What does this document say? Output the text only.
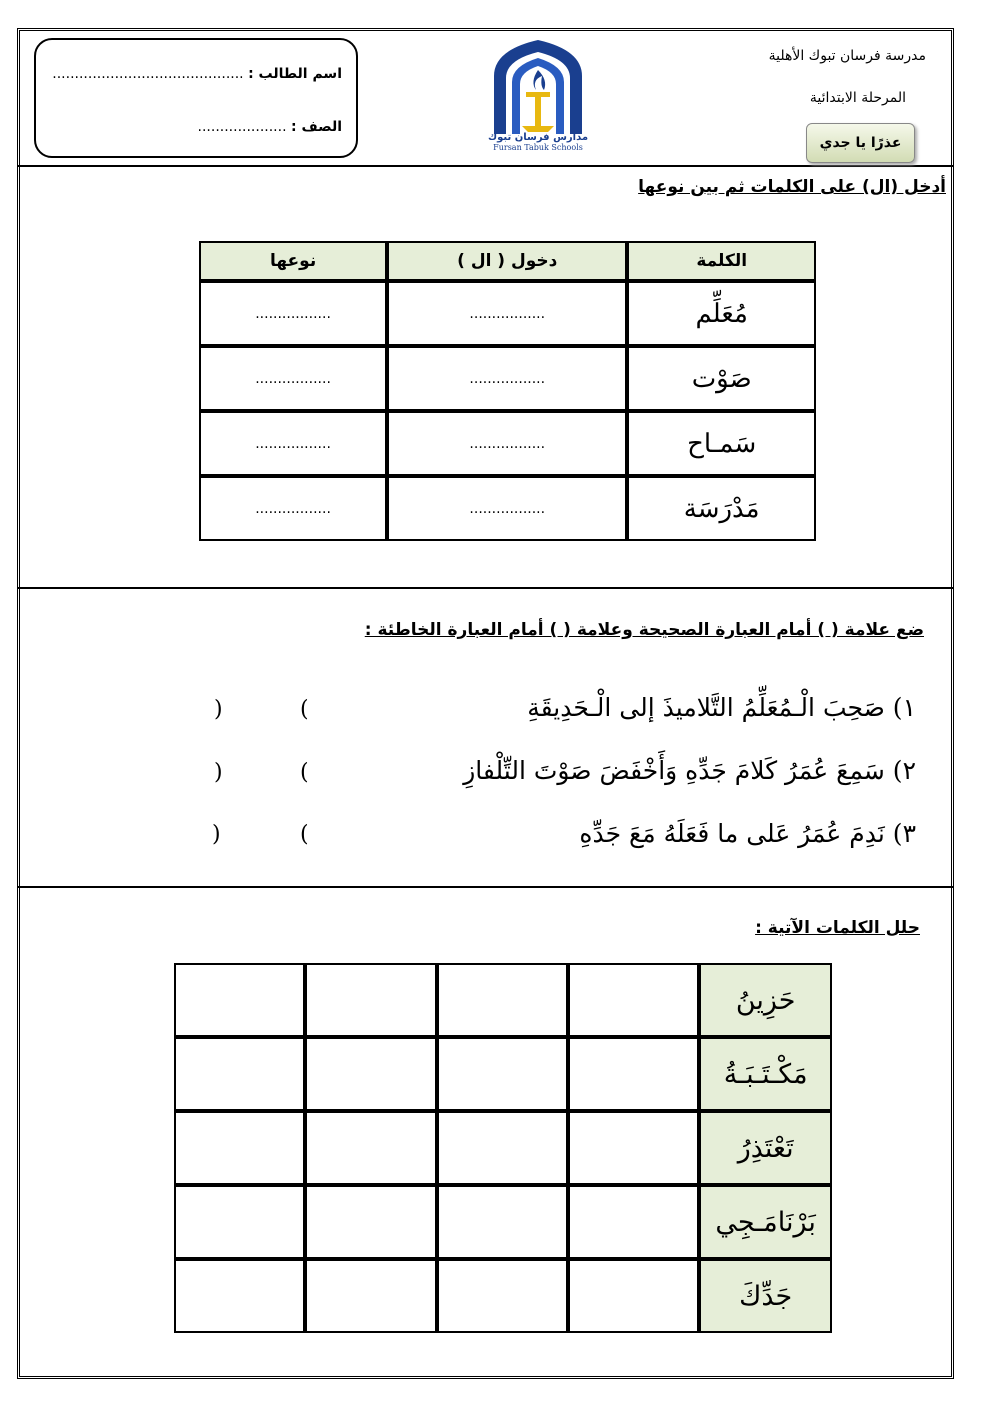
اسم الطالب : ...........................................
الصف : ....................
مدارس فرسان تبوك
Fursan Tabuk Schools
مدرسة فرسان تبوك الأهلية
المرحلة الابتدائية
عذرًا يا جدي
أدخل (ال) على الكلمات ثم بين نوعها
نوعها	دخول ( ال )	الكلمة
.................	.................	مُعَلِّم
.................	.................	صَوْت
.................	.................	سَمـاح
.................	.................	مَدْرَسَة
ضع علامة ( ) أمام العبارة الصحيحة وعلامة ( ) أمام العبارة الخاطئة :
١) صَحِبَ الْـمُعَلِّمُ التَّلاميذَ إلى الْـحَدِيقَةِ
(
)
٢) سَمِعَ عُمَرُ كَلامَ جَدِّهِ وَأَخْفَضَ صَوْتَ التِّلْفازِ
(
)
٣) نَدِمَ عُمَرُ عَلى ما فَعَلَهُ مَعَ جَدِّهِ
(
)
حلل الكلمات الآتية :
				حَزِينُ
				مَكْـتَـبَـةُ
				تَعْتَذِرُ
				بَرْنَامَـجِي
				جَدِّكَ
